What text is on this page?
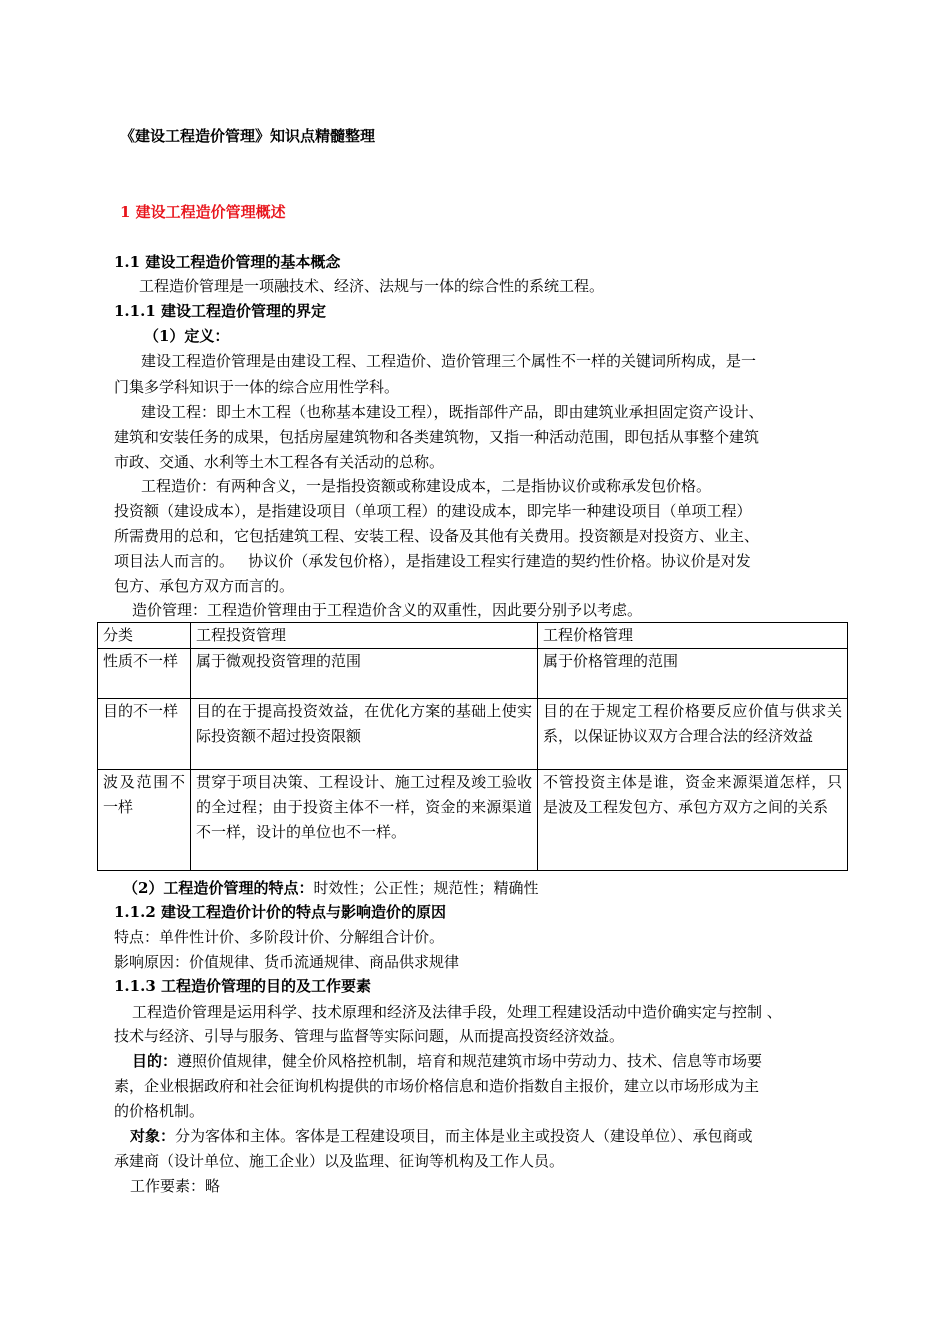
《建设工程造价管理》知识点精髓整理
1 建设工程造价管理概述
1.1 建设工程造价管理的基本概念
工程造价管理是一项融技术、经济、法规与一体的综合性的系统工程。
1.1.1 建设工程造价管理的界定
（1）定义：
建设工程造价管理是由建设工程、工程造价、造价管理三个属性不一样的关键词所构成，是一
门集多学科知识于一体的综合应用性学科。
建设工程：即土木工程（也称基本建设工程），既指部件产品，即由建筑业承担固定资产设计、
建筑和安装任务的成果，包括房屋建筑物和各类建筑物，又指一种活动范围，即包括从事整个建筑
市政、交通、水利等土木工程各有关活动的总称。
工程造价：有两种含义，一是指投资额或称建设成本，二是指协议价或称承发包价格。
投资额（建设成本），是指建设项目（单项工程）的建设成本，即完毕一种建设项目（单项工程）
所需费用的总和，它包括建筑工程、安装工程、设备及其他有关费用。投资额是对投资方、业主、
项目法人而言的。   协议价（承发包价格），是指建设工程实行建造的契约性价格。协议价是对发
包方、承包方双方而言的。
造价管理：工程造价管理由于工程造价含义的双重性，因此要分别予以考虑。
分类	工程投资管理	工程价格管理
性质不一样	属于微观投资管理的范围	属于价格管理的范围
目的不一样	目的在于提高投资效益，在优化方案的基础上使实际投资额不超过投资限额	目的在于规定工程价格要反应价值与供求关系，以保证协议双方合理合法的经济效益
波及范围不一样	贯穿于项目决策、工程设计、施工过程及竣工验收的全过程；由于投资主体不一样，资金的来源渠道不一样，设计的单位也不一样。	不管投资主体是谁，资金来源渠道怎样，只是波及工程发包方、承包方双方之间的关系
（2）工程造价管理的特点：时效性；公正性；规范性；精确性
1.1.2 建设工程造价计价的特点与影响造价的原因
特点：单件性计价、多阶段计价、分解组合计价。
影响原因：价值规律、货币流通规律、商品供求规律
1.1.3 工程造价管理的目的及工作要素
工程造价管理是运用科学、技术原理和经济及法律手段，处理工程建设活动中造价确实定与控制 、
技术与经济、引导与服务、管理与监督等实际问题，从而提高投资经济效益。
目的：遵照价值规律，健全价风格控机制，培育和规范建筑市场中劳动力、技术、信息等市场要
素，企业根据政府和社会征询机构提供的市场价格信息和造价指数自主报价，建立以市场形成为主
的价格机制。
对象：分为客体和主体。客体是工程建设项目，而主体是业主或投资人（建设单位）、承包商或
承建商（设计单位、施工企业）以及监理、征询等机构及工作人员。
工作要素：略
